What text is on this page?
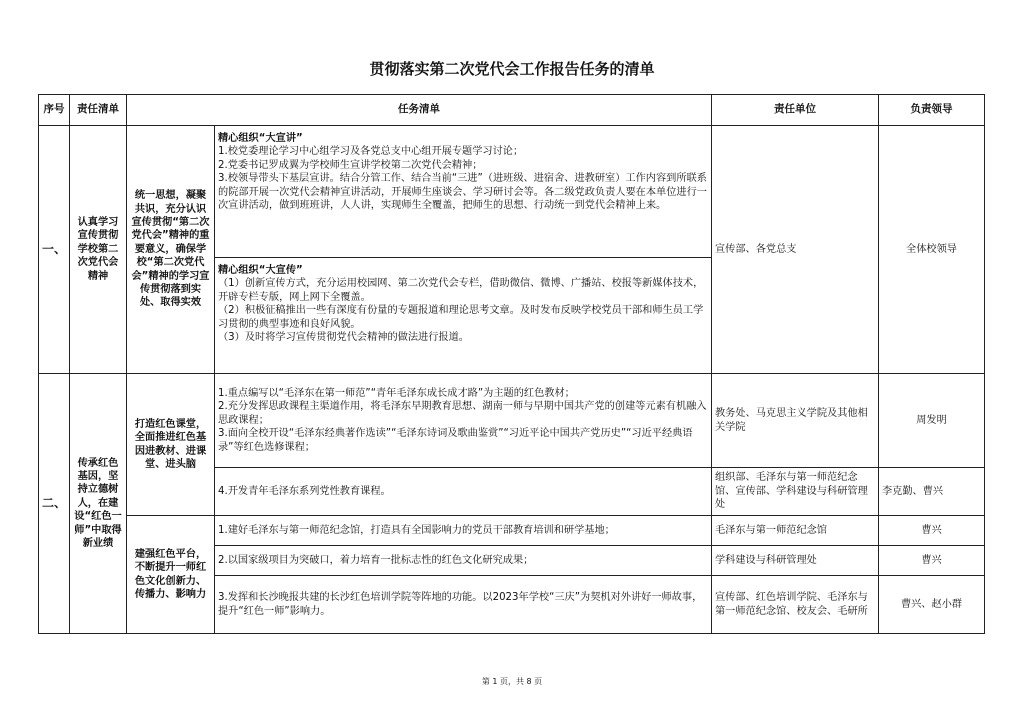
贯彻落实第二次党代会工作报告任务的清单
序号	责任清单	任务清单		责任单位	负责领导
一、	认真学习宣传贯彻学校第二次党代会精神	统一思想，凝聚共识，充分认识宣传贯彻“第二次党代会”精神的重要意义，确保学校“第二次党代会”精神的学习宣传贯彻落到实处、取得实效	精心组织“大宣讲”
1.校党委理论学习中心组学习及各党总支中心组开展专题学习讨论；
2.党委书记罗成翼为学校师生宣讲学校第二次党代会精神；
3.校领导带头下基层宣讲。结合分管工作、结合当前“三进”（进班级、进宿舍、进教研室）工作内容到所联系的院部开展一次党代会精神宣讲活动，开展师生座谈会、学习研讨会等。各二级党政负责人要在本单位进行一次宣讲活动，做到班班讲，人人讲，实现师生全覆盖，把师生的思想、行动统一到党代会精神上来。	宣传部、各党总支	全体校领导

			精心组织“大宣传”
（1）创新宣传方式，充分运用校园网、第二次党代会专栏，借助微信、微博、广播站、校报等新媒体技术，开辟专栏专版，网上网下全覆盖。
（2）积极征稿推出一些有深度有份量的专题报道和理论思考文章。及时发布反映学校党员干部和师生员工学习贯彻的典型事迹和良好风貌。
（3）及时将学习宣传贯彻党代会精神的做法进行报道。		

二、	传承红色基因，坚持立德树人，在建设“红色一师”中取得新业绩	打造红色课堂，全面推进红色基因进教材、进课堂、进头脑	1.重点编写以“毛泽东在第一师范”“青年毛泽东成长成才路”为主题的红色教材；
2.充分发挥思政课程主渠道作用，将毛泽东早期教育思想、湖南一师与早期中国共产党的创建等元素有机融入思政课程；
3.面向全校开设“毛泽东经典著作选读”“毛泽东诗词及歌曲鉴赏”“习近平论中国共产党历史”“习近平经典语录”等红色选修课程；	教务处、马克思主义学院及其他相关学院	周发明
			4.开发青年毛泽东系列党性教育课程。	组织部、毛泽东与第一师范纪念馆、宣传部、学科建设与科研管理处	李克勤、曹兴
		建强红色平台，不断提升一师红色文化创新力、传播力、影响力	1.建好毛泽东与第一师范纪念馆，打造具有全国影响力的党员干部教育培训和研学基地；	毛泽东与第一师范纪念馆	曹兴
			2.以国家级项目为突破口，着力培育一批标志性的红色文化研究成果；	学科建设与科研管理处	曹兴
			3.发挥和长沙晚报共建的长沙红色培训学院等阵地的功能。以2023年学校“三庆”为契机对外讲好一师故事，提升“红色一师”影响力。	宣传部、红色培训学院、毛泽东与第一师范纪念馆、校友会、毛研所	曹兴、赵小群
第 1 页，共 8 页
